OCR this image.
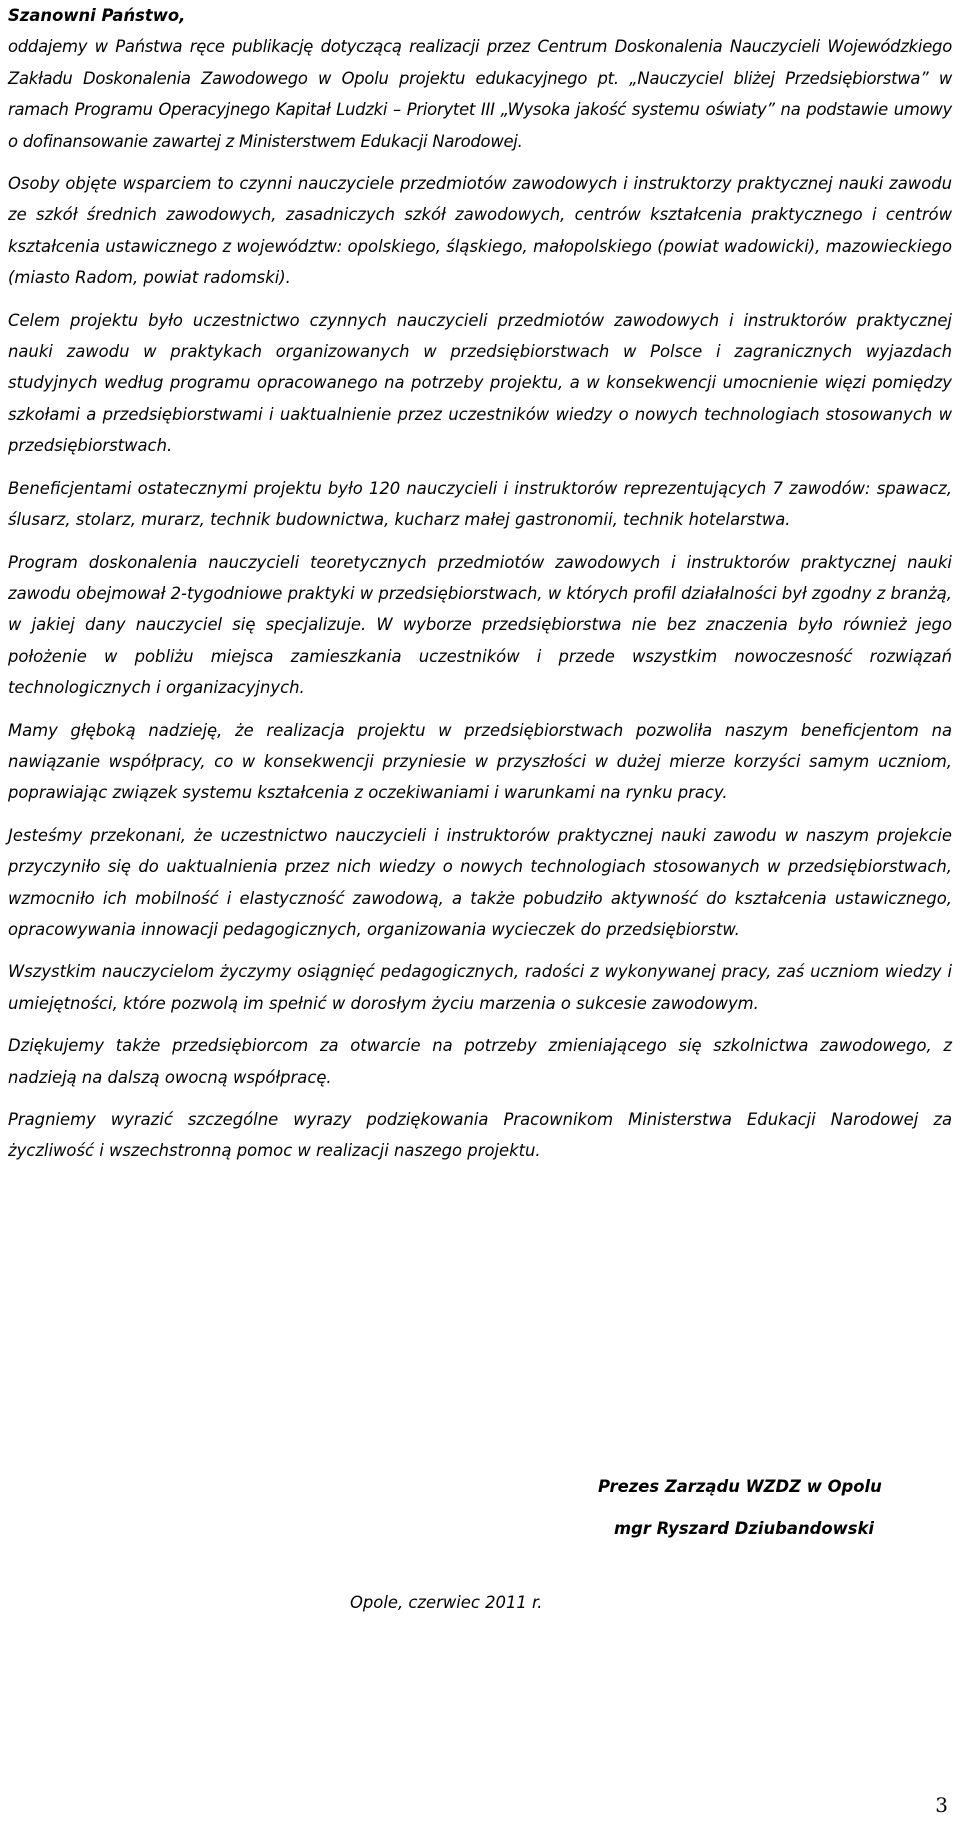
Szanowni Państwo,

oddajemy w Państwa ręce publikację dotyczącą realizacji przez Centrum Doskonalenia Nauczycieli Wojewódzkiego Zakładu Doskonalenia Zawodowego w Opolu projektu edukacyjnego pt. „Nauczyciel bliżej Przedsiębiorstwa” w ramach Programu Operacyjnego Kapitał Ludzki – Priorytet III „Wysoka jakość systemu oświaty” na podstawie umowy o dofinansowanie zawartej z Ministerstwem Edukacji Narodowej.

Osoby objęte wsparciem to czynni nauczyciele przedmiotów zawodowych i instruktorzy praktycznej nauki zawodu ze szkół średnich zawodowych, zasadniczych szkół zawodowych, centrów kształcenia praktycznego i centrów kształcenia ustawicznego z województw: opolskiego, śląskiego, małopolskiego (powiat wadowicki), mazowieckiego (miasto Radom, powiat radomski).

Celem projektu było uczestnictwo czynnych nauczycieli przedmiotów zawodowych i instruktorów praktycznej nauki zawodu w praktykach organizowanych w przedsiębiorstwach w Polsce i zagranicznych wyjazdach studyjnych według programu opracowanego na potrzeby projektu, a w konsekwencji umocnienie więzi pomiędzy szkołami a przedsiębiorstwami i uaktualnienie przez uczestników wiedzy o nowych technologiach stosowanych w przedsiębiorstwach.

Beneficjentami ostatecznymi projektu było 120 nauczycieli i instruktorów reprezentujących 7 zawodów: spawacz, ślusarz, stolarz, murarz, technik budownictwa, kucharz małej gastronomii, technik hotelarstwa.

Program doskonalenia nauczycieli teoretycznych przedmiotów zawodowych i instruktorów praktycznej nauki zawodu obejmował 2-tygodniowe praktyki w przedsiębiorstwach, w których profil działalności był zgodny z branżą, w jakiej dany nauczyciel się specjalizuje. W wyborze przedsiębiorstwa nie bez znaczenia było również jego położenie w pobliżu miejsca zamieszkania uczestników i przede wszystkim nowoczesność rozwiązań technologicznych i organizacyjnych.

Mamy głęboką nadzieję, że realizacja projektu w przedsiębiorstwach pozwoliła naszym beneficjentom na nawiązanie współpracy, co w konsekwencji przyniesie w przyszłości w dużej mierze korzyści samym uczniom, poprawiając związek systemu kształcenia z oczekiwaniami i warunkami na rynku pracy.

Jesteśmy przekonani, że uczestnictwo nauczycieli i instruktorów praktycznej nauki zawodu w naszym projekcie przyczyniło się do uaktualnienia przez nich wiedzy o nowych technologiach stosowanych w przedsiębiorstwach, wzmocniło ich mobilność i elastyczność zawodową, a także pobudziło aktywność do kształcenia ustawicznego, opracowywania innowacji pedagogicznych, organizowania wycieczek do przedsiębiorstw.

Wszystkim nauczycielom życzymy osiągnięć pedagogicznych, radości z wykonywanej pracy, zaś uczniom wiedzy i umiejętności, które pozwolą im spełnić w dorosłym życiu marzenia o sukcesie zawodowym.

Dziękujemy także przedsiębiorcom za otwarcie na potrzeby zmieniającego się szkolnictwa zawodowego, z nadzieją na dalszą owocną współpracę.

Pragniemy wyrazić szczególne wyrazy podziękowania Pracownikom Ministerstwa Edukacji Narodowej za życzliwość i wszechstronną pomoc w realizacji naszego projektu.

Prezes Zarządu WZDZ w Opolu
mgr Ryszard Dziubandowski
Opole, czerwiec 2011 r.
3
